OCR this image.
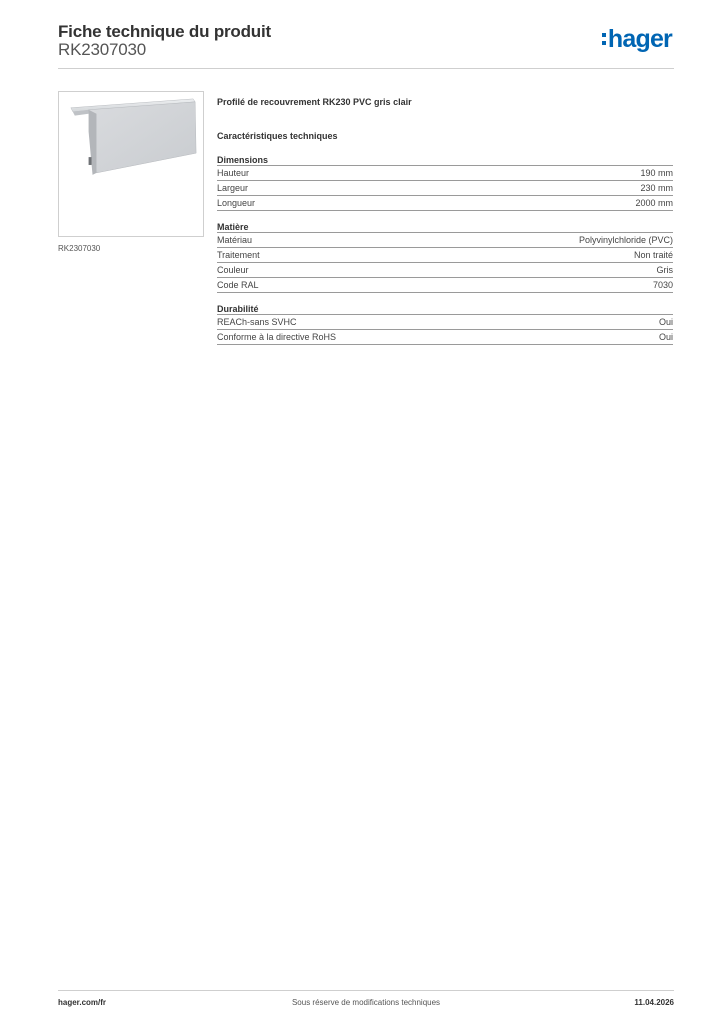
Fiche technique du produit
RK2307030	hager
RK2307030
Profilé de recouvrement RK230 PVC gris clair
Caractéristiques techniques
Dimensions
Hauteur	190 mm
Largeur	230 mm
Longueur	2000 mm
Matière
Matériau	Polyvinylchloride (PVC)
Traitement	Non traité
Couleur	Gris
Code RAL	7030
Durabilité
REACh-sans SVHC	Oui
Conforme à la directive RoHS	Oui
hager.com/fr	Sous réserve de modifications techniques	11.04.2026
